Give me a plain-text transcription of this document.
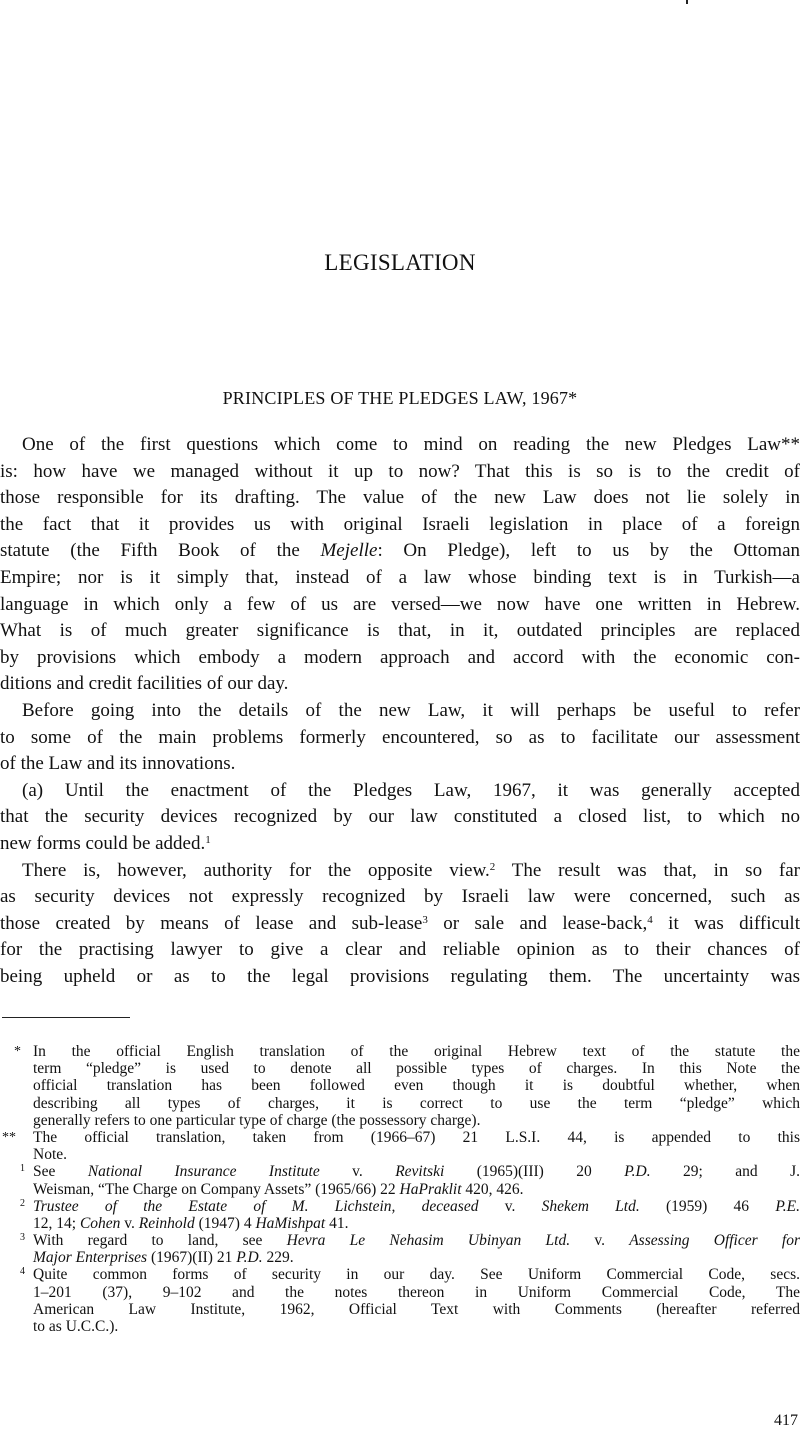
LEGISLATION
PRINCIPLES OF THE PLEDGES LAW, 1967*
One of the first questions which come to mind on reading the new Pledges Law**
is: how have we managed without it up to now? That this is so is to the credit of
those responsible for its drafting. The value of the new Law does not lie solely in
the fact that it provides us with original Israeli legislation in place of a foreign
statute (the Fifth Book of the Mejelle: On Pledge), left to us by the Ottoman
Empire; nor is it simply that, instead of a law whose binding text is in Turkish—a
language in which only a few of us are versed—we now have one written in Hebrew.
What is of much greater significance is that, in it, outdated principles are replaced
by provisions which embody a modern approach and accord with the economic con-
ditions and credit facilities of our day.
Before going into the details of the new Law, it will perhaps be useful to refer
to some of the main problems formerly encountered, so as to facilitate our assessment
of the Law and its innovations.
(a) Until the enactment of the Pledges Law, 1967, it was generally accepted
that the security devices recognized by our law constituted a closed list, to which no
new forms could be added.$^1$
There is, however, authority for the opposite view.$^2$ The result was that, in so far
as security devices not expressly recognized by Israeli law were concerned, such as
those created by means of lease and sub-lease$^3$ or sale and lease-back,$^4$ it was difficult
for the practising lawyer to give a clear and reliable opinion as to their chances of
being upheld or as to the legal provisions regulating them. The uncertainty was
* In the official English translation of the original Hebrew text of the statute the
term “pledge” is used to denote all possible types of charges. In this Note the
official translation has been followed even though it is doubtful whether, when
describing all types of charges, it is correct to use the term “pledge” which
generally refers to one particular type of charge (the possessory charge).
** The official translation, taken from (1966–67) 21 L.S.I. 44, is appended to this
Note.
1 See National Insurance Institute v. Revitski (1965)(III) 20 P.D. 29; and J.
Weisman, “The Charge on Company Assets” (1965/66) 22 HaPraklit 420, 426.
2 Trustee of the Estate of M. Lichstein, deceased v. Shekem Ltd. (1959) 46 P.E.
12, 14; Cohen v. Reinhold (1947) 4 HaMishpat 41.
3 With regard to land, see Hevra Le Nehasim Ubinyan Ltd. v. Assessing Officer for
Major Enterprises (1967)(II) 21 P.D. 229.
4 Quite common forms of security in our day. See Uniform Commercial Code, secs.
1–201 (37), 9–102 and the notes thereon in Uniform Commercial Code, The
American Law Institute, 1962, Official Text with Comments (hereafter referred
to as U.C.C.).
417
